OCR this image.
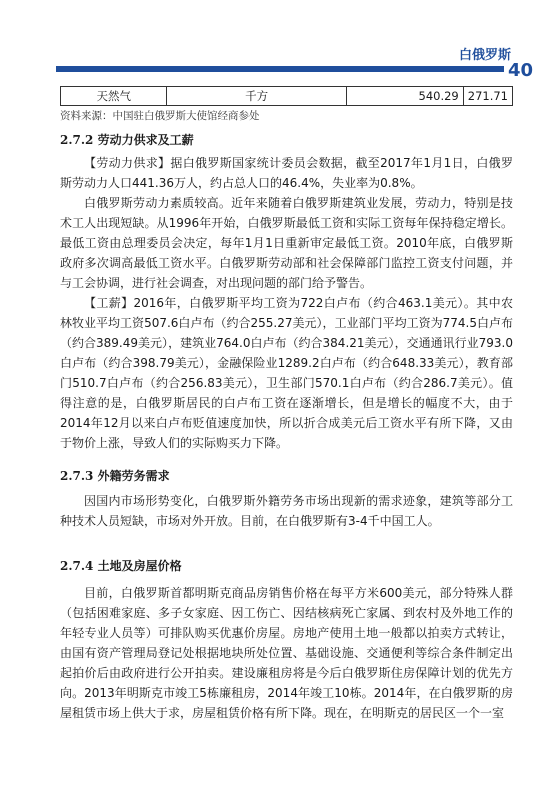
白俄罗斯
40
天然气	千方	540.29	271.71
资料来源：中国驻白俄罗斯大使馆经商参处
2.7.2 劳动力供求及工薪

【劳动力供求】据白俄罗斯国家统计委员会数据，截至2017年1月1日，白俄罗斯劳动力人口441.36万人，约占总人口的46.4%，失业率为0.8%。

白俄罗斯劳动力素质较高。近年来随着白俄罗斯建筑业发展，劳动力，特别是技术工人出现短缺。从1996年开始，白俄罗斯最低工资和实际工资每年保持稳定增长。最低工资由总理委员会决定，每年1月1日重新审定最低工资。2010年底，白俄罗斯政府多次调高最低工资水平。白俄罗斯劳动部和社会保障部门监控工资支付问题，并与工会协调，进行社会调查，对出现问题的部门给予警告。

【工薪】2016年，白俄罗斯平均工资为722白卢布（约合463.1美元）。其中农林牧业平均工资507.6白卢布（约合255.27美元），工业部门平均工资为774.5白卢布（约合389.49美元），建筑业764.0白卢布（约合384.21美元），交通通讯行业793.0白卢布（约合398.79美元），金融保险业1289.2白卢布（约合648.33美元），教育部门510.7白卢布（约合256.83美元），卫生部门570.1白卢布（约合286.7美元）。值得注意的是，白俄罗斯居民的白卢布工资在逐渐增长，但是增长的幅度不大，由于2014年12月以来白卢布贬值速度加快，所以折合成美元后工资水平有所下降，又由于物价上涨，导致人们的实际购买力下降。

2.7.3 外籍劳务需求

因国内市场形势变化，白俄罗斯外籍劳务市场出现新的需求迹象，建筑等部分工种技术人员短缺，市场对外开放。目前，在白俄罗斯有3-4千中国工人。

2.7.4 土地及房屋价格

目前，白俄罗斯首都明斯克商品房销售价格在每平方米600美元，部分特殊人群（包括困难家庭、多子女家庭、因工伤亡、因结核病死亡家属、到农村及外地工作的年轻专业人员等）可排队购买优惠价房屋。房地产使用土地一般都以拍卖方式转让，由国有资产管理局登记处根据地块所处位置、基础设施、交通便利等综合条件制定出起拍价后由政府进行公开拍卖。建设廉租房将是今后白俄罗斯住房保障计划的优先方向。2013年明斯克市竣工5栋廉租房，2014年竣工10栋。2014年，在白俄罗斯的房屋租赁市场上供大于求，房屋租赁价格有所下降。现在，在明斯克的居民区一个一室
